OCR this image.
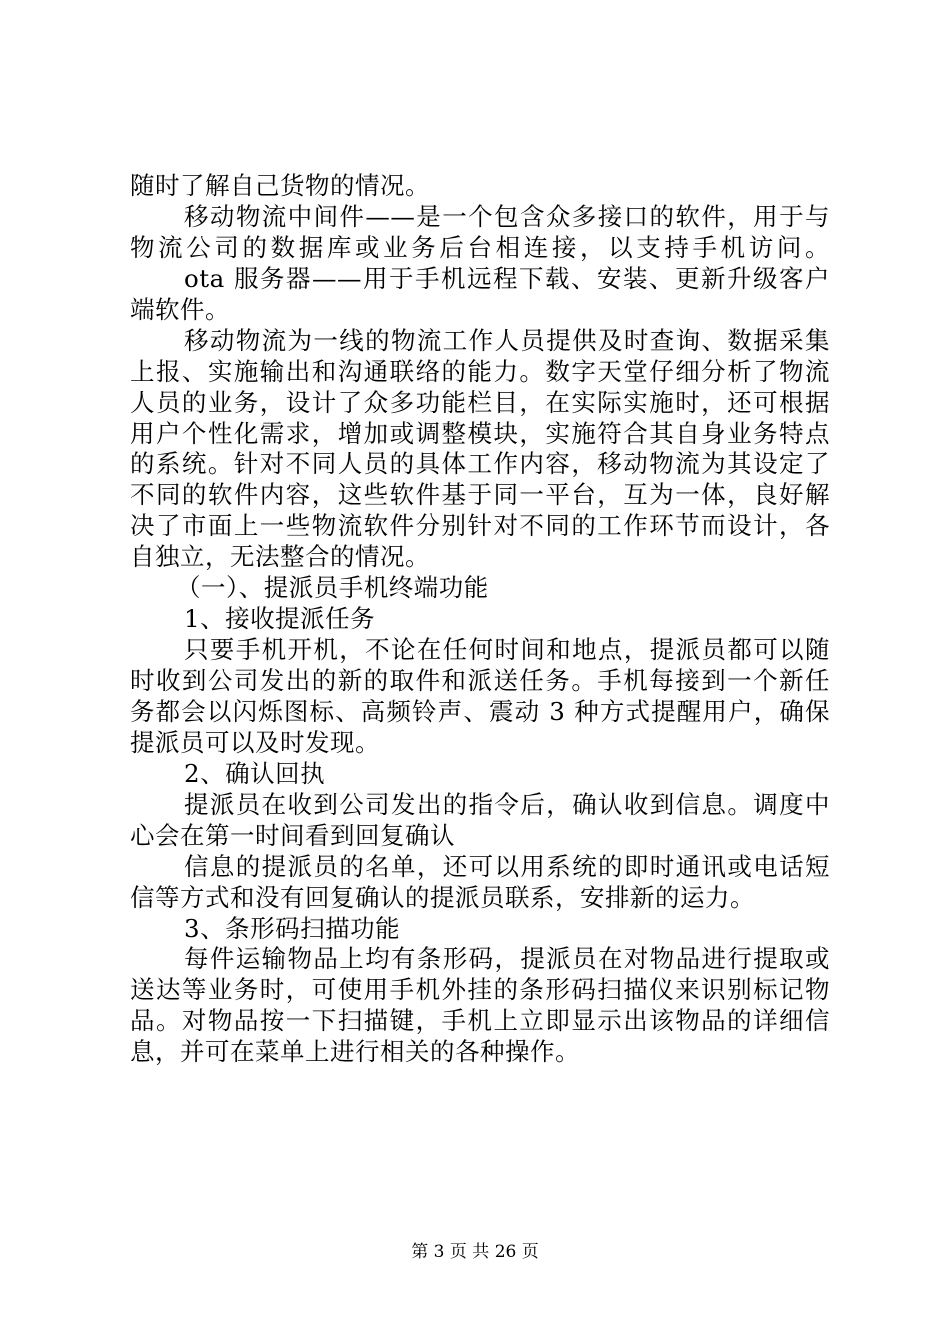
随时了解自己货物的情况。
移动物流中间件——是一个包含众多接口的软件，用于与
物流公司的数据库或业务后台相连接，以支持手机访问。
ota 服务器——用于手机远程下载、安装、更新升级客户
端软件。
移动物流为一线的物流工作人员提供及时查询、数据采集
上报、实施输出和沟通联络的能力。数字天堂仔细分析了物流
人员的业务，设计了众多功能栏目，在实际实施时，还可根据
用户个性化需求，增加或调整模块，实施符合其自身业务特点
的系统。针对不同人员的具体工作内容，移动物流为其设定了
不同的软件内容，这些软件基于同一平台，互为一体，良好解
决了市面上一些物流软件分别针对不同的工作环节而设计，各
自独立，无法整合的情况。
（一）、提派员手机终端功能
1、接收提派任务
只要手机开机，不论在任何时间和地点，提派员都可以随
时收到公司发出的新的取件和派送任务。手机每接到一个新任
务都会以闪烁图标、高频铃声、震动 3 种方式提醒用户，确保
提派员可以及时发现。
2、确认回执
提派员在收到公司发出的指令后，确认收到信息。调度中
心会在第一时间看到回复确认
信息的提派员的名单，还可以用系统的即时通讯或电话短
信等方式和没有回复确认的提派员联系，安排新的运力。
3、条形码扫描功能
每件运输物品上均有条形码，提派员在对物品进行提取或
送达等业务时，可使用手机外挂的条形码扫描仪来识别标记物
品。对物品按一下扫描键，手机上立即显示出该物品的详细信
息，并可在菜单上进行相关的各种操作。
第 3 页 共 26 页
